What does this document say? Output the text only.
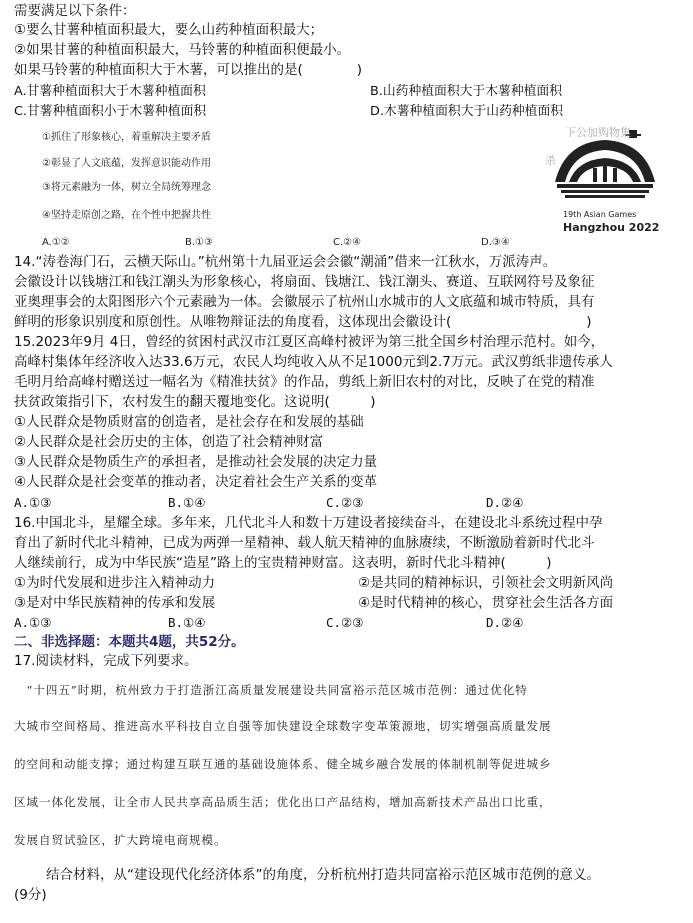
需要满足以下条件：
①要么甘薯种植面积最大，要么山药种植面积最大；
②如果甘薯的种植面积最大，马铃薯的种植面积便最小。
如果马铃薯的种植面积大于木薯，可以推出的是(　　　　)
A.甘薯种植面积大于木薯种植面积	B.山药种植面积大于木薯种植面积
C.甘薯种植面积小于木薯种植面积	D.木薯种植面积大于山药种植面积
①抓住了形象核心，着重解决主要矛盾
②彰显了人文底蕴，发挥意识能动作用
③将元素融为一体，树立全局统筹理念
④坚持走原创之路，在个性中把握共性
A.①②	B.①③	C.②④	D.③④
下公加购物集
杀
19th Asian Games
Hangzhou 2022
14.“涛卷海门石，云横天际山。”杭州第十九届亚运会会徽“潮涌”借来一江秋水，万派涛声。
会徽设计以钱塘江和钱江潮头为形象核心，将扇面、钱塘江、钱江潮头、赛道、互联网符号及象征
亚奥理事会的太阳图形六个元素融为一体。会徽展示了杭州山水城市的人文底蕴和城市特质，具有
鲜明的形象识别度和原创性。从唯物辩证法的角度看，这体现出会徽设计(　　　　　　　　　　)
15.2023年9月 4日，曾经的贫困村武汉市江夏区高峰村被评为第三批全国乡村治理示范村。如今，
高峰村集体年经济收入达33.6万元，农民人均纯收入从不足1000元到2.7万元。武汉剪纸非遗传承人
毛明月给高峰村赠送过一幅名为《精准扶贫》的作品，剪纸上新旧农村的对比，反映了在党的精准
扶贫政策指引下，农村发生的翻天覆地变化。这说明(　　　)
①人民群众是物质财富的创造者，是社会存在和发展的基础
②人民群众是社会历史的主体，创造了社会精神财富
③人民群众是物质生产的承担者，是推动社会发展的决定力量
④人民群众是社会变革的推动者，决定着社会生产关系的变革
A.①③	B.①④	C.②③	D.②④
16.中国北斗，星耀全球。多年来，几代北斗人和数十万建设者接续奋斗，在建设北斗系统过程中孕
育出了新时代北斗精神，已成为两弹一星精神、载人航天精神的血脉赓续，不断激励着新时代北斗
人继续前行，成为中华民族“造星”路上的宝贵精神财富。这表明，新时代北斗精神(　　　)
①为时代发展和进步注入精神动力	②是共同的精神标识，引领社会文明新风尚
③是对中华民族精神的传承和发展	④是时代精神的核心，贯穿社会生活各方面
A.①③	B.①④	C.②③	D.②④
二、非选择题：本题共4题，共52分。
17.阅读材料，完成下列要求。
　“十四五”时期，杭州致力于打造浙江高质量发展建设共同富裕示范区城市范例：通过优化特
大城市空间格局、推进高水平科技自立自强等加快建设全球数字变革策源地，切实增强高质量发展
的空间和动能支撑；通过构建互联互通的基础设施体系、健全城乡融合发展的体制机制等促进城乡
区域一体化发展，让全市人民共享高品质生活；优化出口产品结构，增加高新技术产品出口比重，
发展自贸试验区，扩大跨境电商规模。
结合材料，从“建设现代化经济体系”的角度，分析杭州打造共同富裕示范区城市范例的意义。
(9分)
